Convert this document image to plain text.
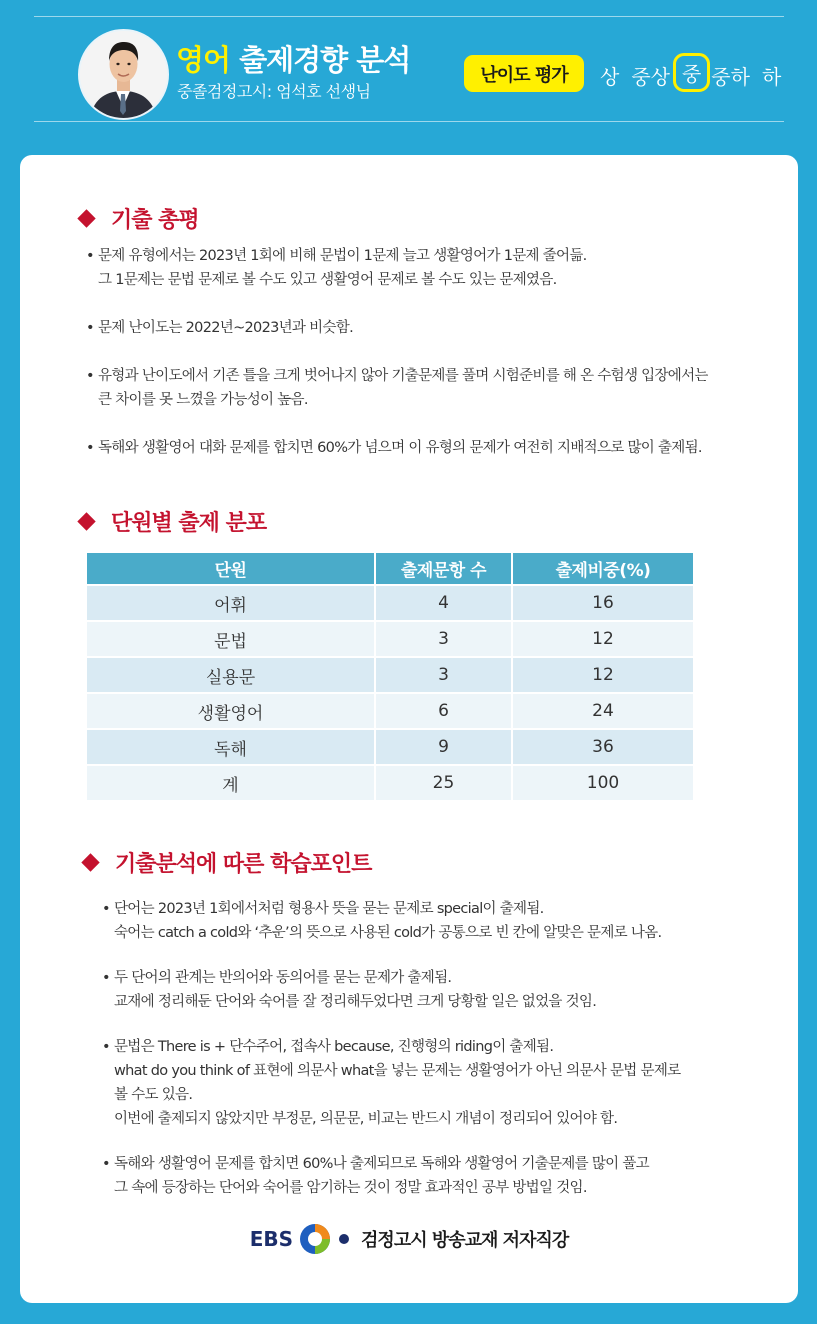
영어 출제경향 분석
중졸검정고시: 엄석호 선생님
난이도 평가	상 중상 중 중하 하
기출 총평
• 문제 유형에서는 2023년 1회에 비해 문법이 1문제 늘고 생활영어가 1문제 줄어듦.
그 1문제는 문법 문제로 볼 수도 있고 생활영어 문제로 볼 수도 있는 문제였음.
• 문제 난이도는 2022년~2023년과 비슷함.
• 유형과 난이도에서 기존 틀을 크게 벗어나지 않아 기출문제를 풀며 시험준비를 해 온 수험생 입장에서는
큰 차이를 못 느꼈을 가능성이 높음.
• 독해와 생활영어 대화 문제를 합치면 60%가 넘으며 이 유형의 문제가 여전히 지배적으로 많이 출제됨.
단원별 출제 분포
단원	출제문항 수	출제비중(%)
어휘	4	16
문법	3	12
실용문	3	12
생활영어	6	24
독해	9	36
계	25	100
기출분석에 따른 학습포인트
• 단어는 2023년 1회에서처럼 형용사 뜻을 묻는 문제로 special이 출제됨.
숙어는 catch a cold와 ‘추운’의 뜻으로 사용된 cold가 공통으로 빈 칸에 알맞은 문제로 나옴.
• 두 단어의 관계는 반의어와 동의어를 묻는 문제가 출제됨.
교재에 정리해둔 단어와 숙어를 잘 정리해두었다면 크게 당황할 일은 없었을 것임.
• 문법은 There is + 단수주어, 접속사 because, 진행형의 riding이 출제됨.
what do you think of 표현에 의문사 what을 넣는 문제는 생활영어가 아닌 의문사 문법 문제로
볼 수도 있음.
이번에 출제되지 않았지만 부정문, 의문문, 비교는 반드시 개념이 정리되어 있어야 함.
• 독해와 생활영어 문제를 합치면 60%나 출제되므로 독해와 생활영어 기출문제를 많이 풀고
그 속에 등장하는 단어와 숙어를 암기하는 것이 정말 효과적인 공부 방법일 것임.
EBS	검정고시 방송교재 저자직강
